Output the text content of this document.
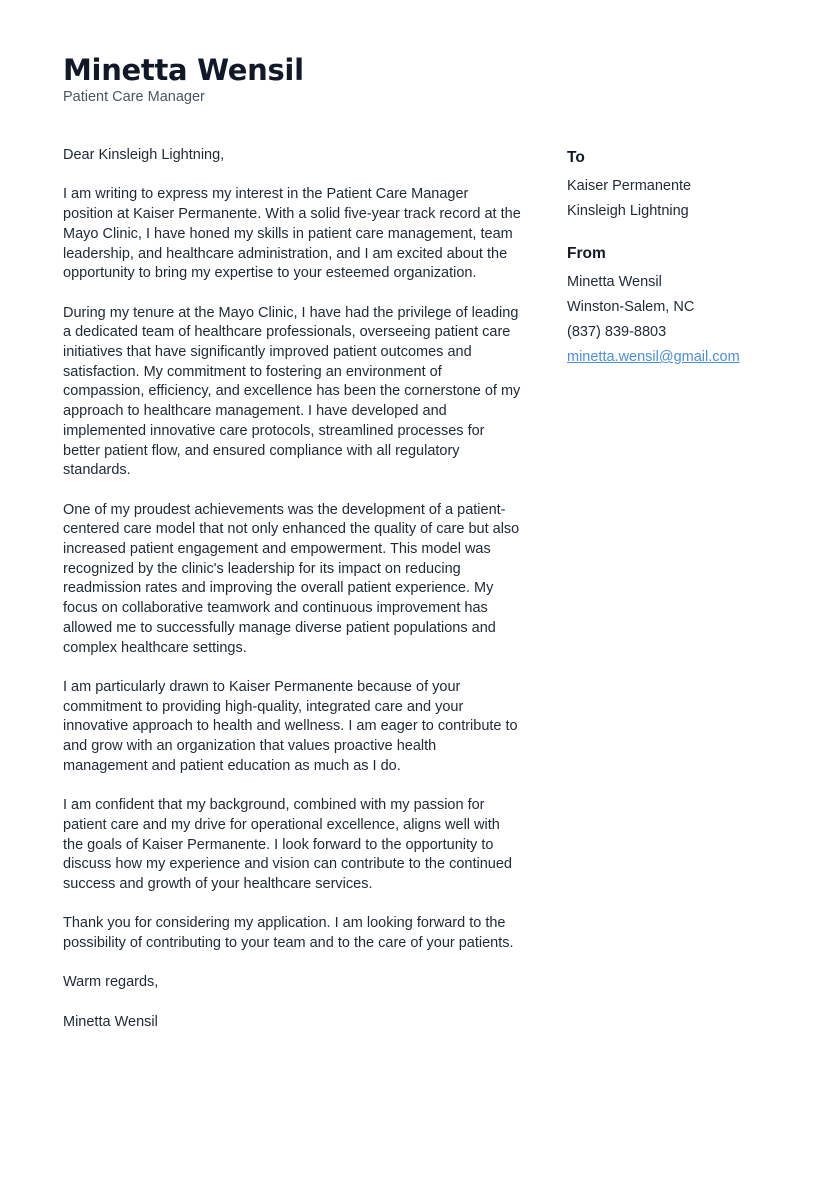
Minetta Wensil
Patient Care Manager

Dear Kinsleigh Lightning,

I am writing to express my interest in the Patient Care Manager position at Kaiser Permanente. With a solid five-year track record at the Mayo Clinic, I have honed my skills in patient care management, team leadership, and healthcare administration, and I am excited about the opportunity to bring my expertise to your esteemed organization.

During my tenure at the Mayo Clinic, I have had the privilege of leading a dedicated team of healthcare professionals, overseeing patient care initiatives that have significantly improved patient outcomes and satisfaction. My commitment to fostering an environment of compassion, efficiency, and excellence has been the cornerstone of my approach to healthcare management. I have developed and implemented innovative care protocols, streamlined processes for better patient flow, and ensured compliance with all regulatory standards.

One of my proudest achievements was the development of a patient-centered care model that not only enhanced the quality of care but also increased patient engagement and empowerment. This model was recognized by the clinic's leadership for its impact on reducing readmission rates and improving the overall patient experience. My focus on collaborative teamwork and continuous improvement has allowed me to successfully manage diverse patient populations and complex healthcare settings.

I am particularly drawn to Kaiser Permanente because of your commitment to providing high-quality, integrated care and your innovative approach to health and wellness. I am eager to contribute to and grow with an organization that values proactive health management and patient education as much as I do.

I am confident that my background, combined with my passion for patient care and my drive for operational excellence, aligns well with the goals of Kaiser Permanente. I look forward to the opportunity to discuss how my experience and vision can contribute to the continued success and growth of your healthcare services.

Thank you for considering my application. I am looking forward to the possibility of contributing to your team and to the care of your patients.

Warm regards,

Minetta Wensil

To
Kaiser Permanente
Kinsleigh Lightning
From
Minetta Wensil
Winston-Salem, NC
(837) 839-8803
minetta.wensil@gmail.com
